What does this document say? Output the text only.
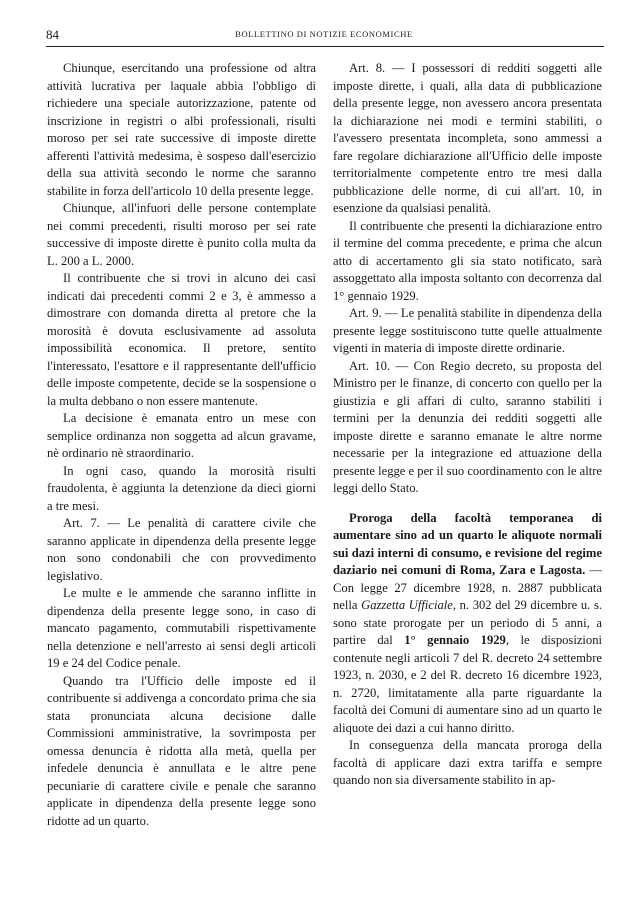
84	BOLLETTINO DI NOTIZIE ECONOMICHE

Chiunque, esercitando una professione od altra attività lucrativa per laquale abbia l'obbligo di richiedere una speciale autorizzazione, patente od inscrizione in registri o albi professionali, risulti moroso per sei rate successive di imposte dirette afferenti l'attività medesima, è sospeso dall'esercizio della sua attività secondo le norme che saranno stabilite in forza dell'articolo 10 della presente legge.

Chiunque, all'infuori delle persone contemplate nei commi precedenti, risulti moroso per sei rate successive di imposte dirette è punito colla multa da L. 200 a L. 2000.

Il contribuente che si trovi in alcuno dei casi indicati dai precedenti commi 2 e 3, è ammesso a dimostrare con domanda diretta al pretore che la morosità è dovuta esclusivamente ad assoluta impossibilità economica. Il pretore, sentito l'interessato, l'esattore e il rappresentante dell'ufficio delle imposte competente, decide se la sospensione o la multa debbano o non essere mantenute.

La decisione è emanata entro un mese con semplice ordinanza non soggetta ad alcun gravame, nè ordinario nè straordinario.

In ogni caso, quando la morosità risulti fraudolenta, è aggiunta la detenzione da dieci giorni a tre mesi.

Art. 7. — Le penalità di carattere civile che saranno applicate in dipendenza della presente legge non sono condonabili che con provvedimento legislativo.

Le multe e le ammende che saranno inflitte in dipendenza della presente legge sono, in caso di mancato pagamento, commutabili rispettivamente nella detenzione e nell'arresto ai sensi degli articoli 19 e 24 del Codice penale.

Quando tra l'Ufficio delle imposte ed il contribuente si addivenga a concordato prima che sia stata pronunciata alcuna decisione dalle Commissioni amministrative, la sovrimposta per omessa denuncia è ridotta alla metà, quella per infedele denuncia è annullata e le altre pene pecuniarie di carattere civile e penale che saranno applicate in dipendenza della presente legge sono ridotte ad un quarto.

Art. 8. — I possessori di redditi soggetti alle imposte dirette, i quali, alla data di pubblicazione della presente legge, non avessero ancora presentata la dichiarazione nei modi e termini stabiliti, o l'avessero presentata incompleta, sono ammessi a fare regolare dichiarazione all'Ufficio delle imposte territorialmente competente entro tre mesi dalla pubblicazione delle norme, di cui all'art. 10, in esenzione da qualsiasi penalità.

Il contribuente che presenti la dichiarazione entro il termine del comma precedente, e prima che alcun atto di accertamento gli sia stato notificato, sarà assoggettato alla imposta soltanto con decorrenza dal 1° gennaio 1929.

Art. 9. — Le penalità stabilite in dipendenza della presente legge sostituiscono tutte quelle attualmente vigenti in materia di imposte dirette ordinarie.

Art. 10. — Con Regio decreto, su proposta del Ministro per le finanze, di concerto con quello per la giustizia e gli affari di culto, saranno stabiliti i termini per la denunzia dei redditi soggetti alle imposte dirette e saranno emanate le altre norme necessarie per la integrazione ed attuazione della presente legge e per il suo coordinamento con le altre leggi dello Stato.

Proroga della facoltà temporanea di aumentare sino ad un quarto le aliquote normali sui dazi interni di consumo, e revisione del regime daziario nei comuni di Roma, Zara e Lagosta. — Con legge 27 dicembre 1928, n. 2887 pubblicata nella Gazzetta Ufficiale, n. 302 del 29 dicembre u. s. sono state prorogate per un periodo di 5 anni, a partire dal 1° gennaio 1929, le disposizioni contenute negli articoli 7 del R. decreto 24 settembre 1923, n. 2030, e 2 del R. decreto 16 dicembre 1923, n. 2720, limitatamente alla parte riguardante la facoltà dei Comuni di aumentare sino ad un quarto le aliquote dei dazi a cui hanno diritto.

In conseguenza della mancata proroga della facoltà di applicare dazi extra tariffa e sempre quando non sia diversamente stabilito in ap-
